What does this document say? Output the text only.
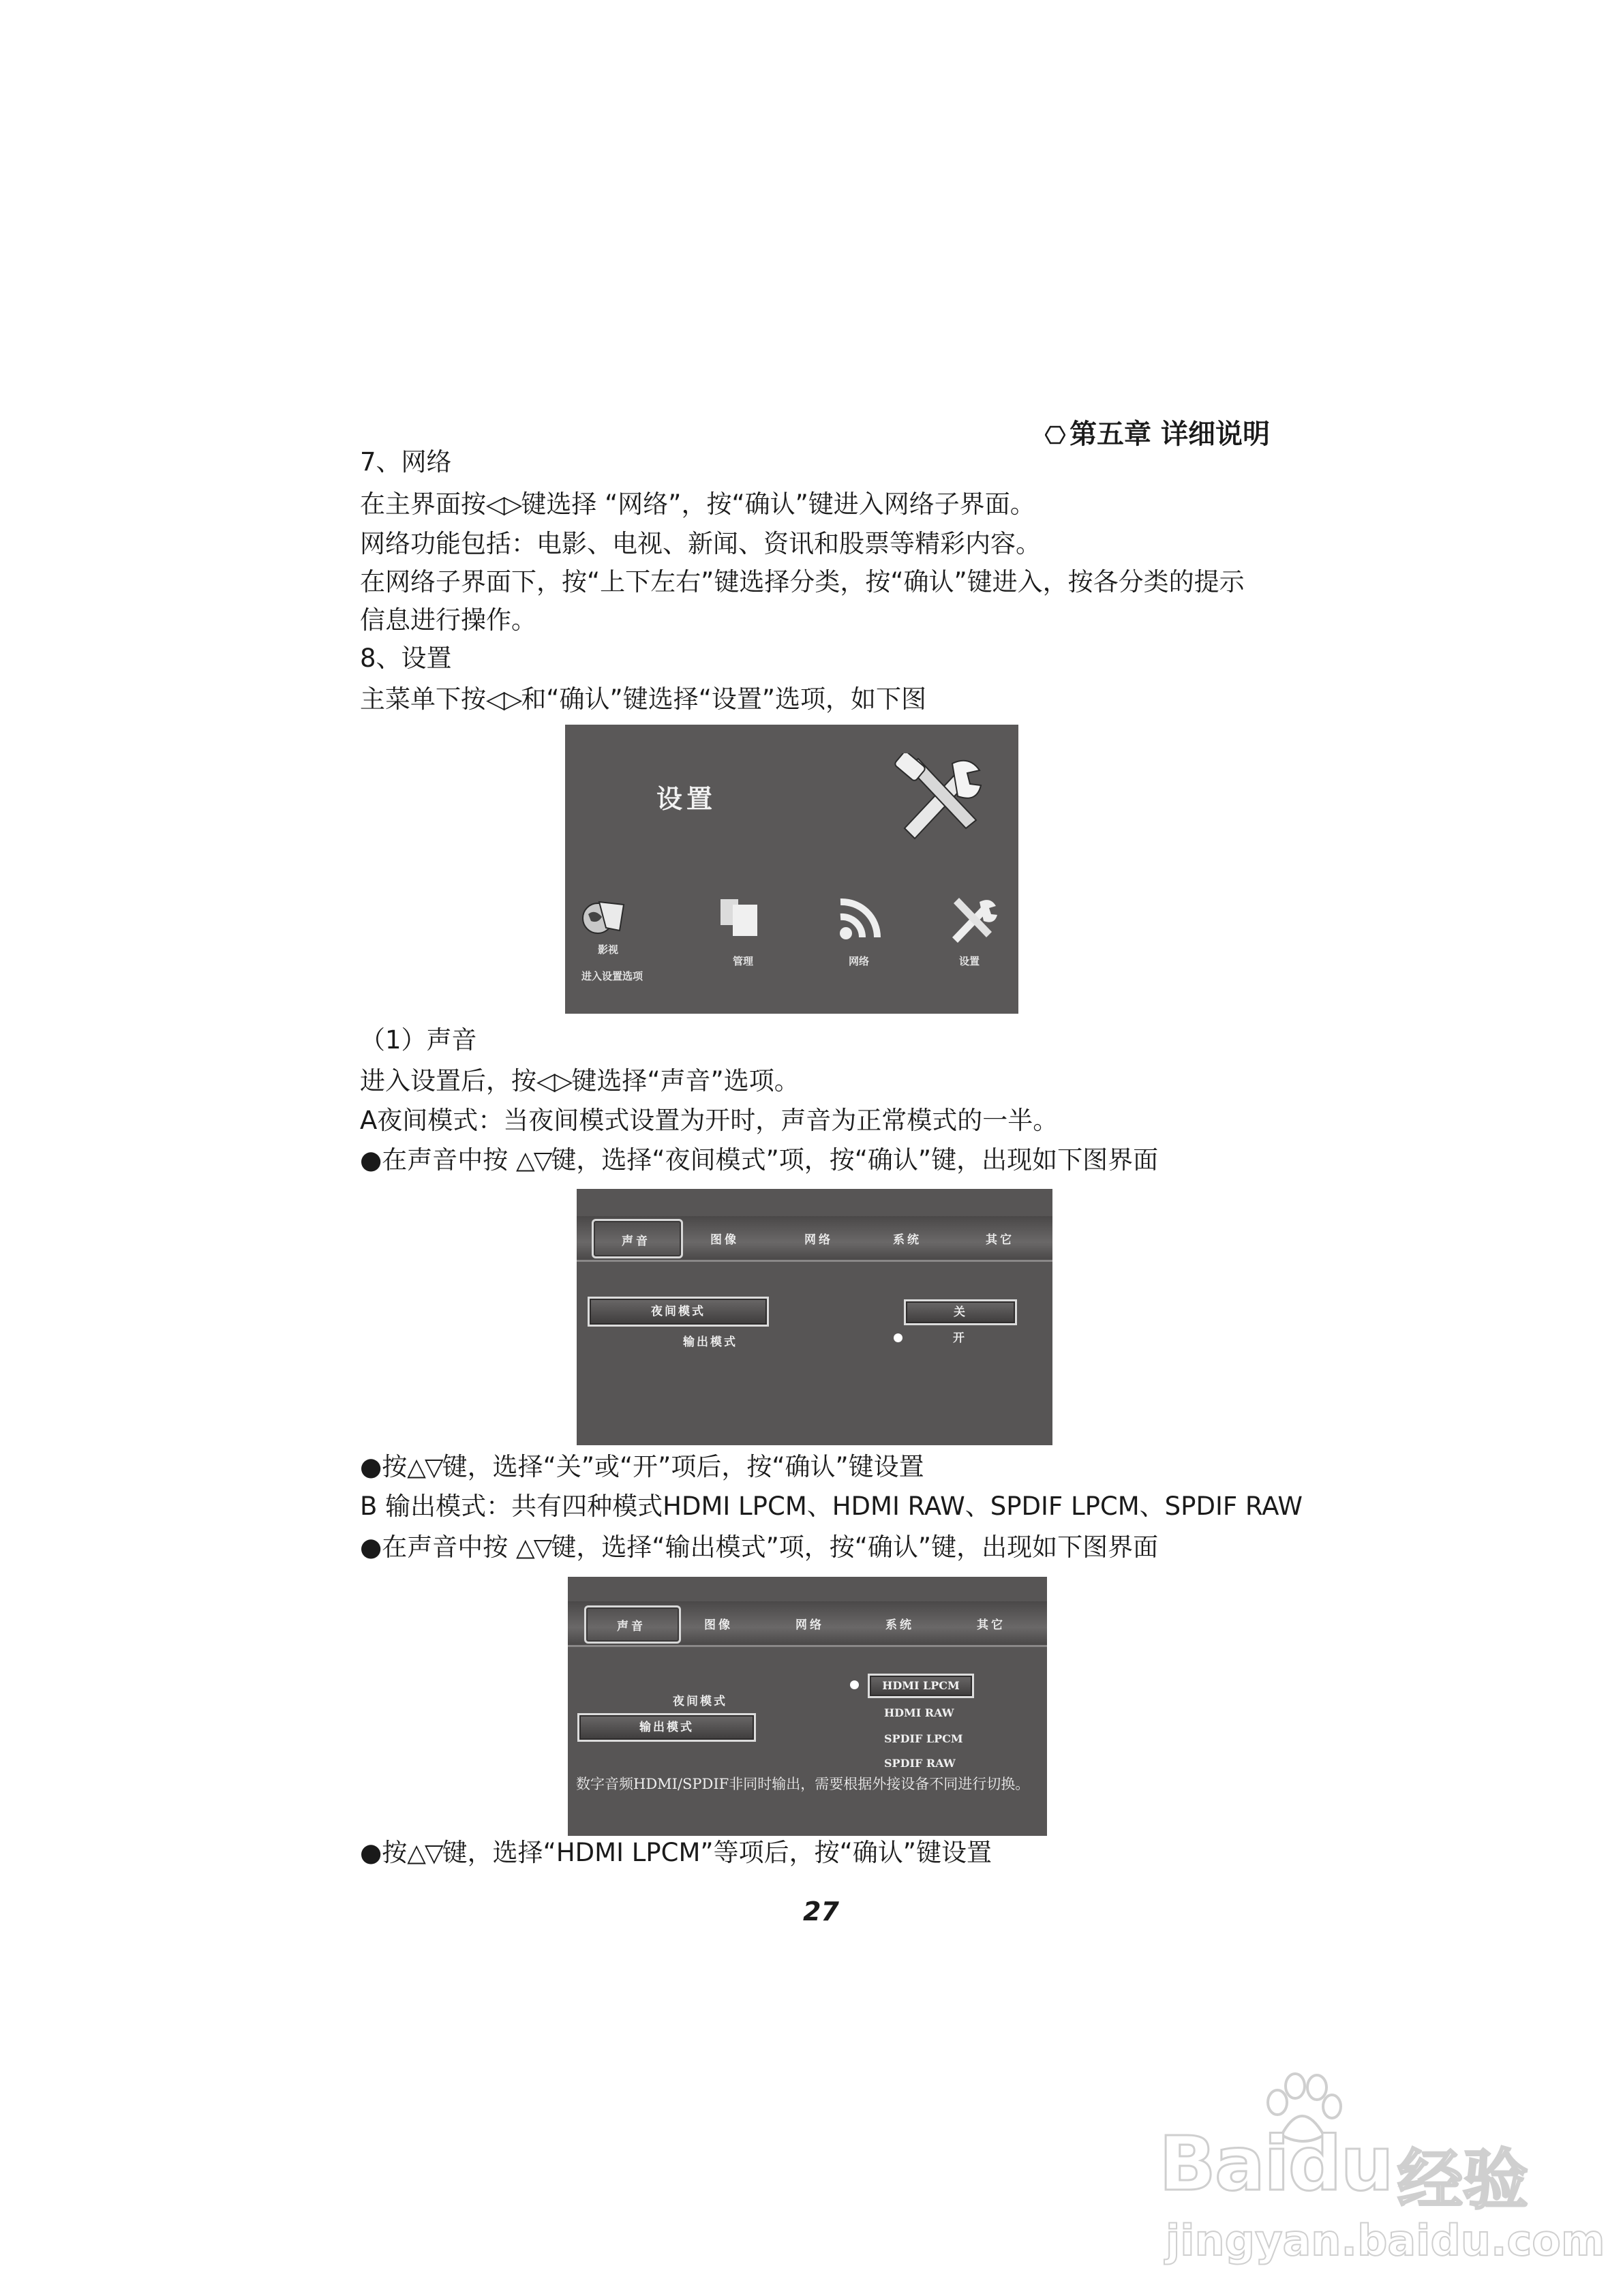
第五章 详细说明
7、网络
在主界面按◁▷键选择 “网络”，按“确认”键进入网络子界面。
网络功能包括：电影、电视、新闻、资讯和股票等精彩内容。
在网络子界面下，按“上下左右”键选择分类，按“确认”键进入，按各分类的提示
信息进行操作。
8、设置
主菜单下按◁▷和“确认”键选择“设置”选项，如下图
设置
影视
进入设置选项
管理	网络	设置
（1）声音
进入设置后，按◁▷键选择“声音”选项。
A夜间模式：当夜间模式设置为开时，声音为正常模式的一半。
●在声音中按 △▽键，选择“夜间模式”项，按“确认”键，出现如下图界面
声音	图像	网络	系统	其它
夜间模式
输出模式
关
开
●按△▽键，选择“关”或“开”项后，按“确认”键设置
B 输出模式：共有四种模式HDMI LPCM、HDMI RAW、SPDIF LPCM、SPDIF RAW
●在声音中按 △▽键，选择“输出模式”项，按“确认”键，出现如下图界面
声音	图像	网络	系统	其它
夜间模式
输出模式
HDMI LPCM
HDMI RAW
SPDIF LPCM
SPDIF RAW
数字音频HDMI/SPDIF非同时输出，需要根据外接设备不同进行切换。
●按△▽键，选择“HDMI LPCM”等项后，按“确认”键设置
27
Baidu 经验
jingyan.baidu.com
